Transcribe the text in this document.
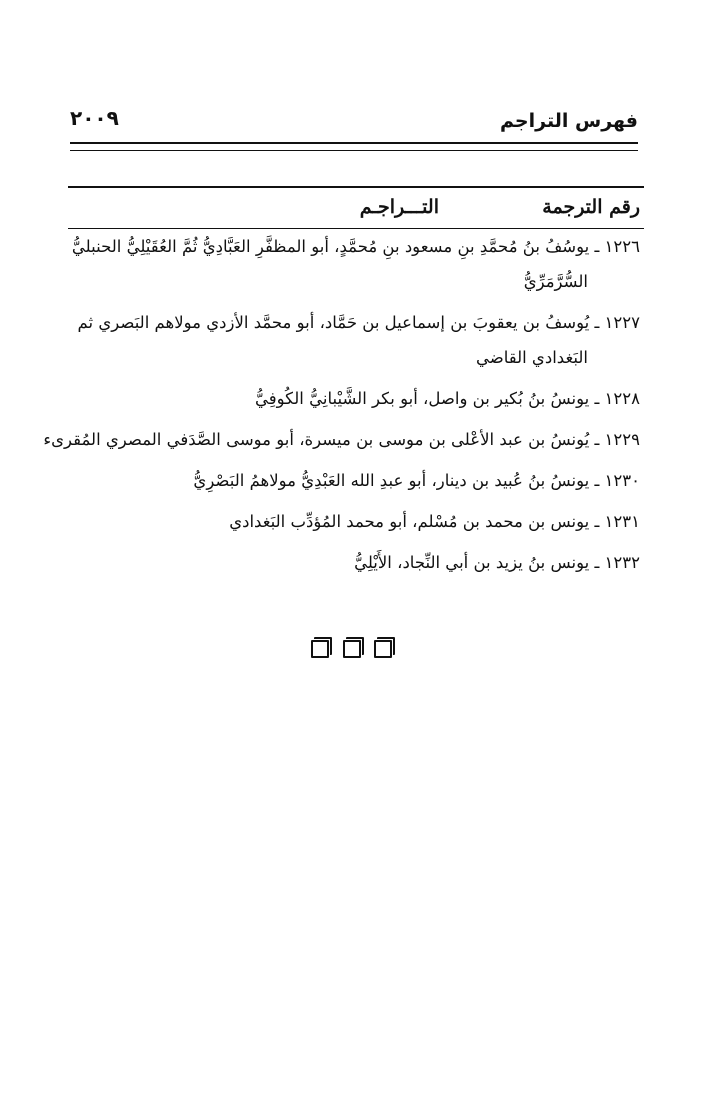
فهرس التراجم
٢٠٠٩
رقم الترجمة
التـــراجـم
١٢٢٦ ـ يوسُفُ بنُ مُحمَّدِ بنِ مسعود بنِ مُحمَّدٍ، أبو المظفَّرِ العَبَّادِيُّ ثُمَّ العُقَيْلِيُّ الحنبليُّ
السُّرَّمَرِّيُّ
١٢٢٧ ـ يُوسفُ بن يعقوبَ بن إسماعيل بن حَمَّاد، أبو محمَّد الأزدي مولاهم البَصري ثم
البَغدادي القاضي
١٢٢٨ ـ يونسُ بنُ بُكير بن واصل، أبو بكر الشَّيْبانِيُّ الكُوفِيُّ
١٢٢٩ ـ يُونسُ بن عبد الأعْلى بن موسى بن ميسرة، أبو موسى الصَّدَفي المصري المُقرىء
١٢٣٠ ـ يونسُ بنُ عُبيد بن دينار، أبو عبدِ الله العَبْدِيُّ مولاهمُ البَصْرِيُّ
١٢٣١ ـ يونس بن محمد بن مُسْلم، أبو محمد المُؤدِّب البَغدادي
١٢٣٢ ـ يونس بنُ يزيد بن أبي النِّجاد، الأَيْلِيُّ
